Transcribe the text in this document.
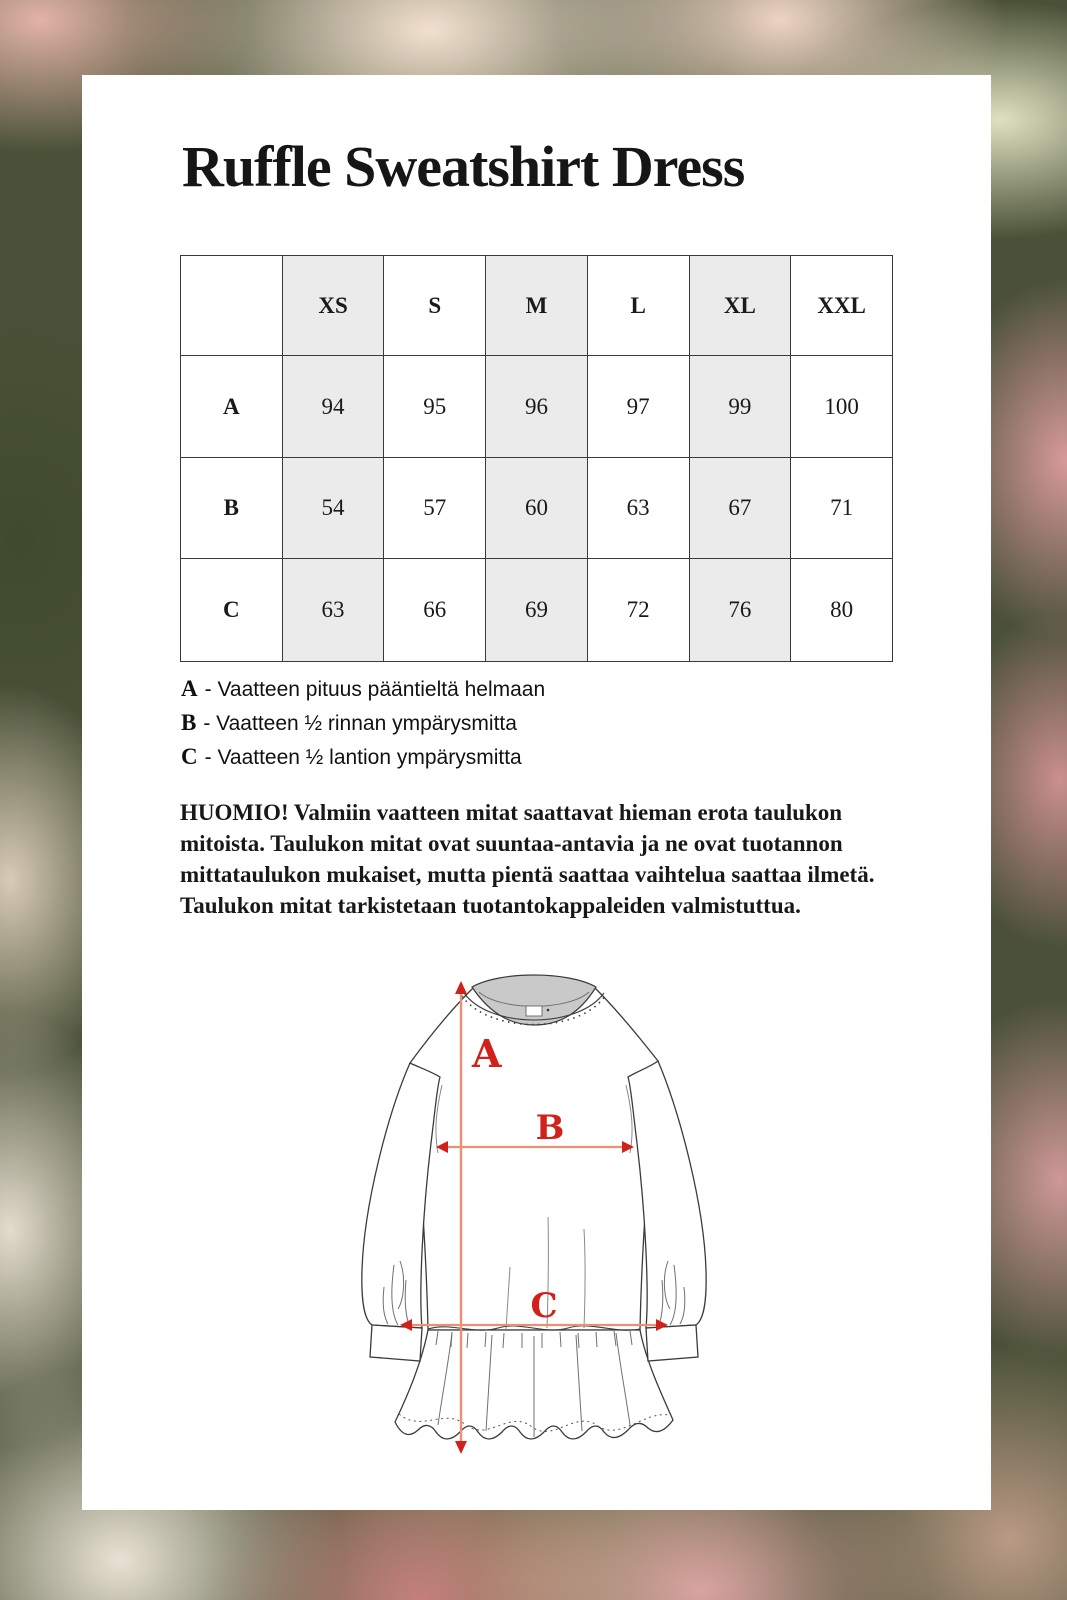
Ruffle Sweatshirt Dress
	XS	S	M	L	XL	XXL
A	94	95	96	97	99	100
B	54	57	60	63	67	71
C	63	66	69	72	76	80
A - Vaatteen pituus pääntieltä helmaan
B - Vaatteen ½ rinnan ympärysmitta
C - Vaatteen ½ lantion ympärysmitta

HUOMIO! Valmiin vaatteen mitat saattavat hieman erota taulukon mitoista. Taulukon mitat ovat suuntaa-antavia ja ne ovat tuotannon mittataulukon mukaiset, mutta pientä saattaa vaihtelua saattaa ilmetä. Taulukon mitat tarkistetaan tuotantokappaleiden valmistuttua.

A
B
C
